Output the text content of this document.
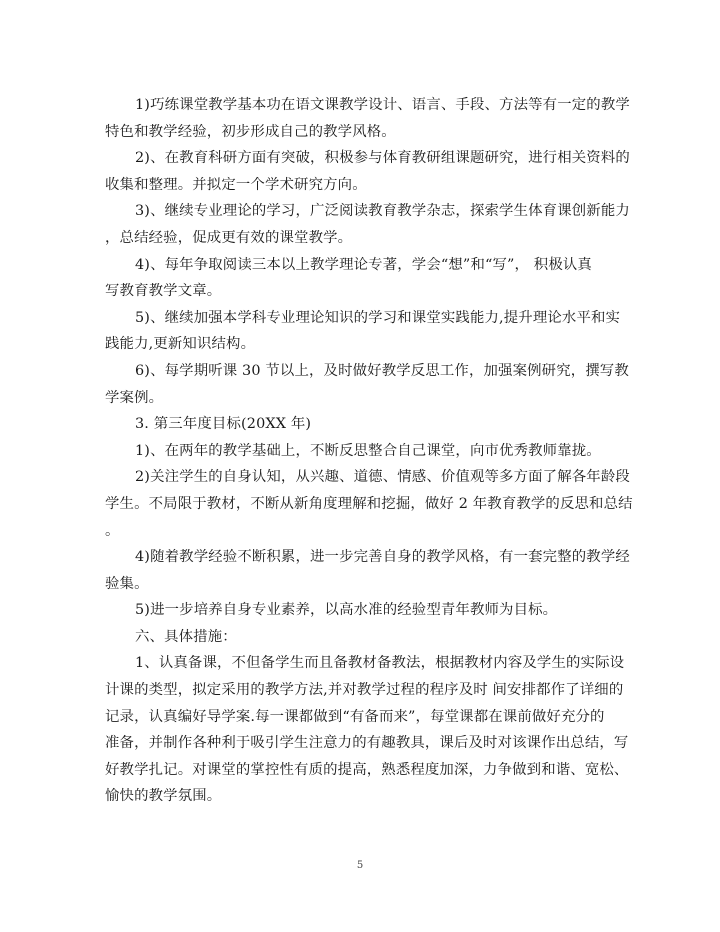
1)巧练课堂教学基本功在语文课教学设计、语言、手段、方法等有一定的教学
特色和教学经验，初步形成自己的教学风格。
2)、在教育科研方面有突破，积极参与体育教研组课题研究，进行相关资料的
收集和整理。并拟定一个学术研究方向。
3)、继续专业理论的学习，广泛阅读教育教学杂志，探索学生体育课创新能力
，总结经验，促成更有效的课堂教学。
4)、每年争取阅读三本以上教学理论专著，学会“想”和“写”， 积极认真
写教育教学文章。
5)、继续加强本学科专业理论知识的学习和课堂实践能力,提升理论水平和实
践能力,更新知识结构。
6)、每学期听课 30 节以上，及时做好教学反思工作，加强案例研究，撰写教
学案例。
3. 第三年度目标(20XX 年)
1)、在两年的教学基础上，不断反思整合自己课堂，向市优秀教师靠拢。
2)关注学生的自身认知，从兴趣、道德、情感、价值观等多方面了解各年龄段
学生。不局限于教材，不断从新角度理解和挖掘，做好 2 年教育教学的反思和总结
。
4)随着教学经验不断积累，进一步完善自身的教学风格，有一套完整的教学经
验集。
5)进一步培养自身专业素养，以高水准的经验型青年教师为目标。
六、具体措施：
1、认真备课，不但备学生而且备教材备教法，根据教材内容及学生的实际设
计课的类型，拟定采用的教学方法,并对教学过程的程序及时 间安排都作了详细的
记录，认真编好导学案.每一课都做到“有备而来”，每堂课都在课前做好充分的
准备，并制作各种利于吸引学生注意力的有趣教具，课后及时对该课作出总结，写
好教学扎记。对课堂的掌控性有质的提高，熟悉程度加深，力争做到和谐、宽松、
愉快的教学氛围。
5
